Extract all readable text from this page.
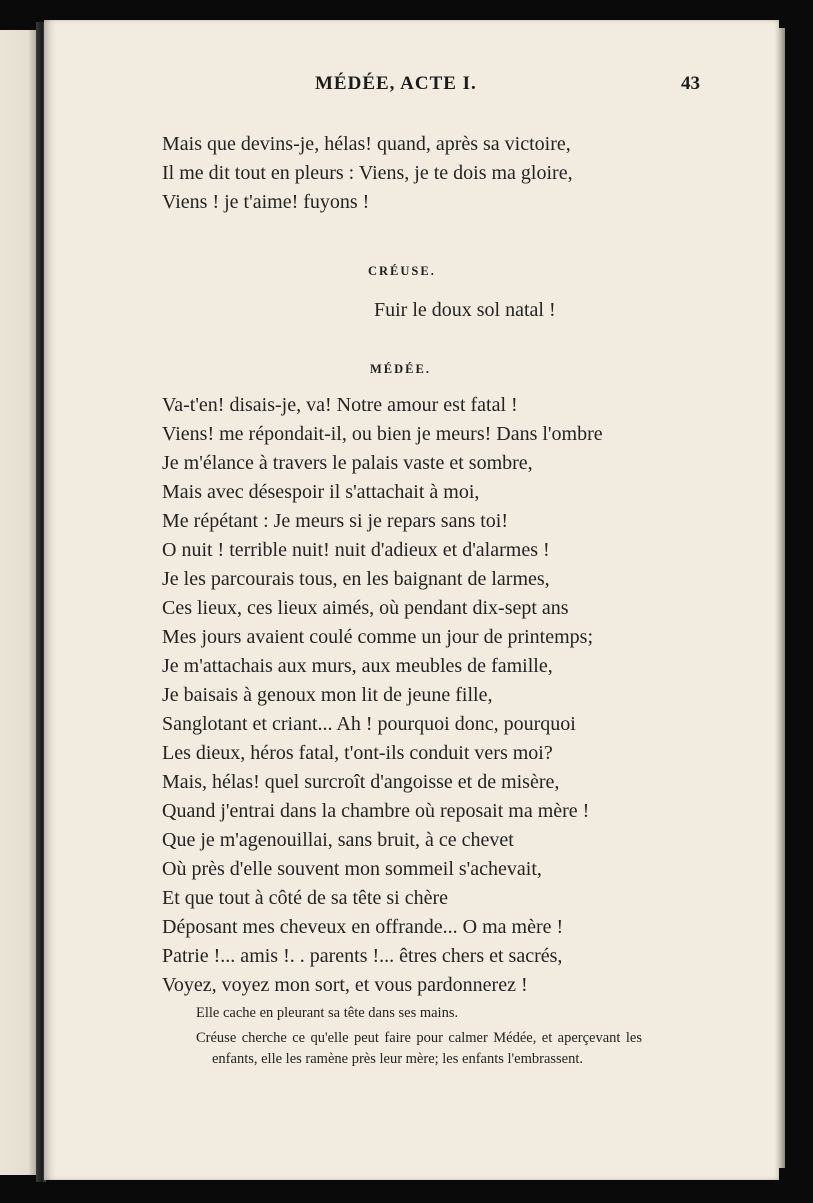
MÉDÉE, ACTE I.	43
Mais que devins-je, hélas! quand, après sa victoire,
Il me dit tout en pleurs : Viens, je te dois ma gloire,
Viens ! je t'aime! fuyons !
CRÉUSE.
Fuir le doux sol natal !
MÉDÉE.
Va-t'en! disais-je, va! Notre amour est fatal !
Viens! me répondait-il, ou bien je meurs! Dans l'ombre
Je m'élance à travers le palais vaste et sombre,
Mais avec désespoir il s'attachait à moi,
Me répétant : Je meurs si je repars sans toi!
O nuit ! terrible nuit! nuit d'adieux et d'alarmes !
Je les parcourais tous, en les baignant de larmes,
Ces lieux, ces lieux aimés, où pendant dix-sept ans
Mes jours avaient coulé comme un jour de printemps;
Je m'attachais aux murs, aux meubles de famille,
Je baisais à genoux mon lit de jeune fille,
Sanglotant et criant... Ah ! pourquoi donc, pourquoi
Les dieux, héros fatal, t'ont-ils conduit vers moi?
Mais, hélas! quel surcroît d'angoisse et de misère,
Quand j'entrai dans la chambre où reposait ma mère !
Que je m'agenouillai, sans bruit, à ce chevet
Où près d'elle souvent mon sommeil s'achevait,
Et que tout à côté de sa tête si chère
Déposant mes cheveux en offrande... O ma mère !
Patrie !... amis !. . parents !... êtres chers et sacrés,
Voyez, voyez mon sort, et vous pardonnerez !

Elle cache en pleurant sa tête dans ses mains.

Créuse cherche ce qu'elle peut faire pour calmer Médée, et aperçevant les enfants, elle les ramène près leur mère; les enfants l'embrassent.
